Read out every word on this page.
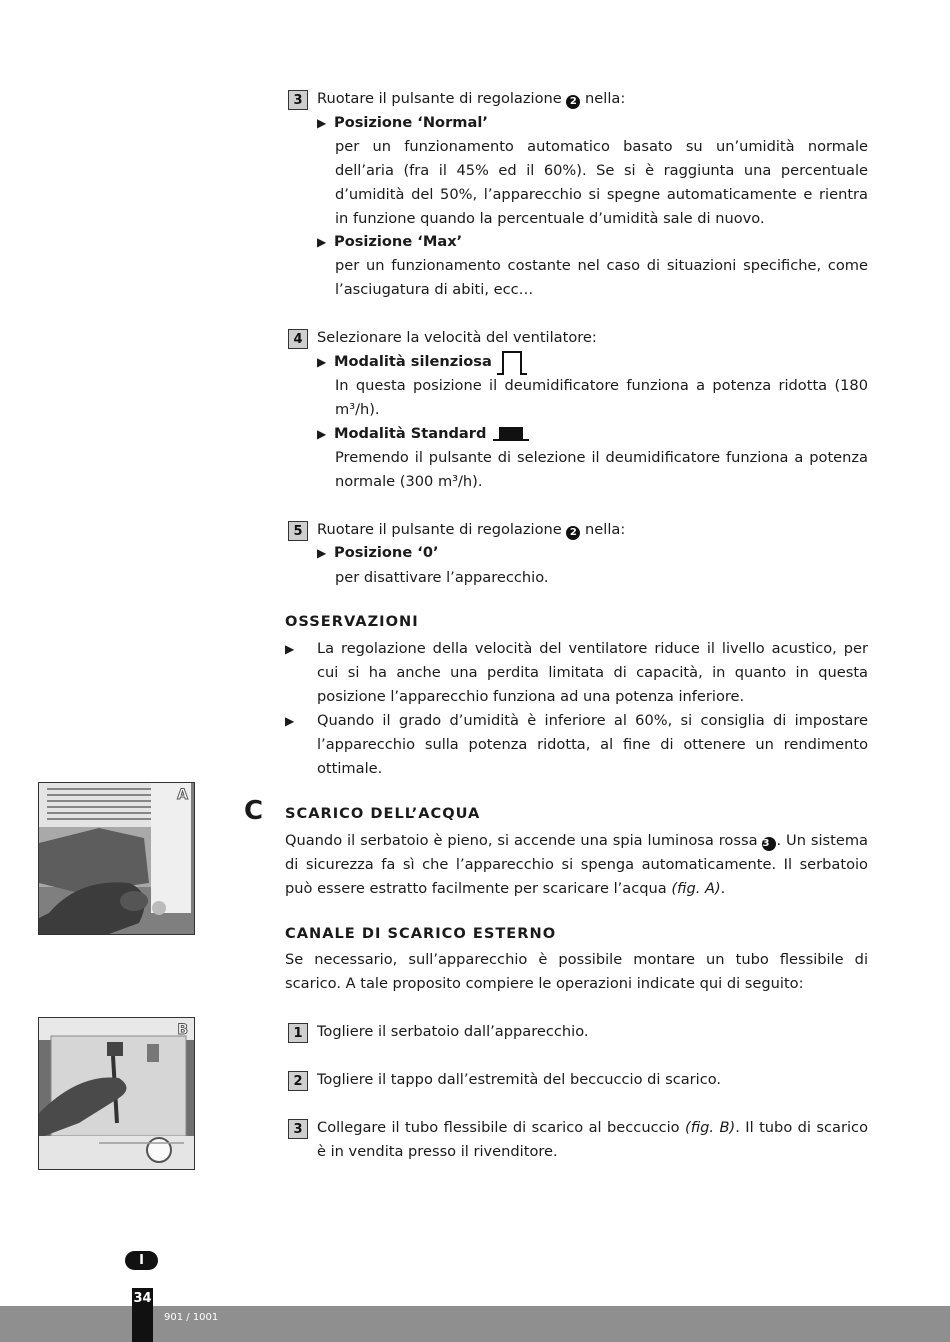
3 Ruotare il pulsante di regolazione 2 nella:
▶ Posizione ‘Normal’
per un funzionamento automatico basato su un’umidità normale dell’aria (fra il 45% ed il 60%). Se si è raggiunta una percentuale d’umidità del 50%, l’apparecchio si spegne automaticamente e rientra in funzione quando la percentuale d’umidità sale di nuovo.
▶ Posizione ‘Max’
per un funzionamento costante nel caso di situazioni specifiche, come l’asciugatura di abiti, ecc…
4 Selezionare la velocità del ventilatore:
▶ Modalità silenziosa
In questa posizione il deumidificatore funziona a potenza ridotta (180 m³/h).
▶ Modalità Standard
Premendo il pulsante di selezione il deumidificatore funziona a potenza normale (300 m³/h).
5 Ruotare il pulsante di regolazione 2 nella:
▶ Posizione ‘0’
per disattivare l’apparecchio.
OSSERVAZIONI
▶ La regolazione della velocità del ventilatore riduce il livello acustico, per cui si ha anche una perdita limitata di capacità, in quanto in questa posizione l’apparecchio funziona ad una potenza inferiore.
▶ Quando il grado d’umidità è inferiore al 60%, si consiglia di impostare l’apparecchio sulla potenza ridotta, al fine di ottenere un rendimento ottimale.
A
C SCARICO DELL’ACQUA
Quando il serbatoio è pieno, si accende una spia luminosa rossa 3 . Un sistema di sicurezza fa sì che l’apparecchio si spenga automaticamente. Il serbatoio può essere estratto facilmente per scaricare l’acqua (fig. A).
CANALE DI SCARICO ESTERNO
Se necessario, sull’apparecchio è possibile montare un tubo flessibile di scarico. A tale proposito compiere le operazioni indicate qui di seguito:
B	1 Togliere il serbatoio dall’apparecchio.
2 Togliere il tappo dall’estremità del beccuccio di scarico.
3 Collegare il tubo flessibile di scarico al beccuccio (fig. B). Il tubo di scarico è in vendita presso il rivenditore.
I
34
901 / 1001
